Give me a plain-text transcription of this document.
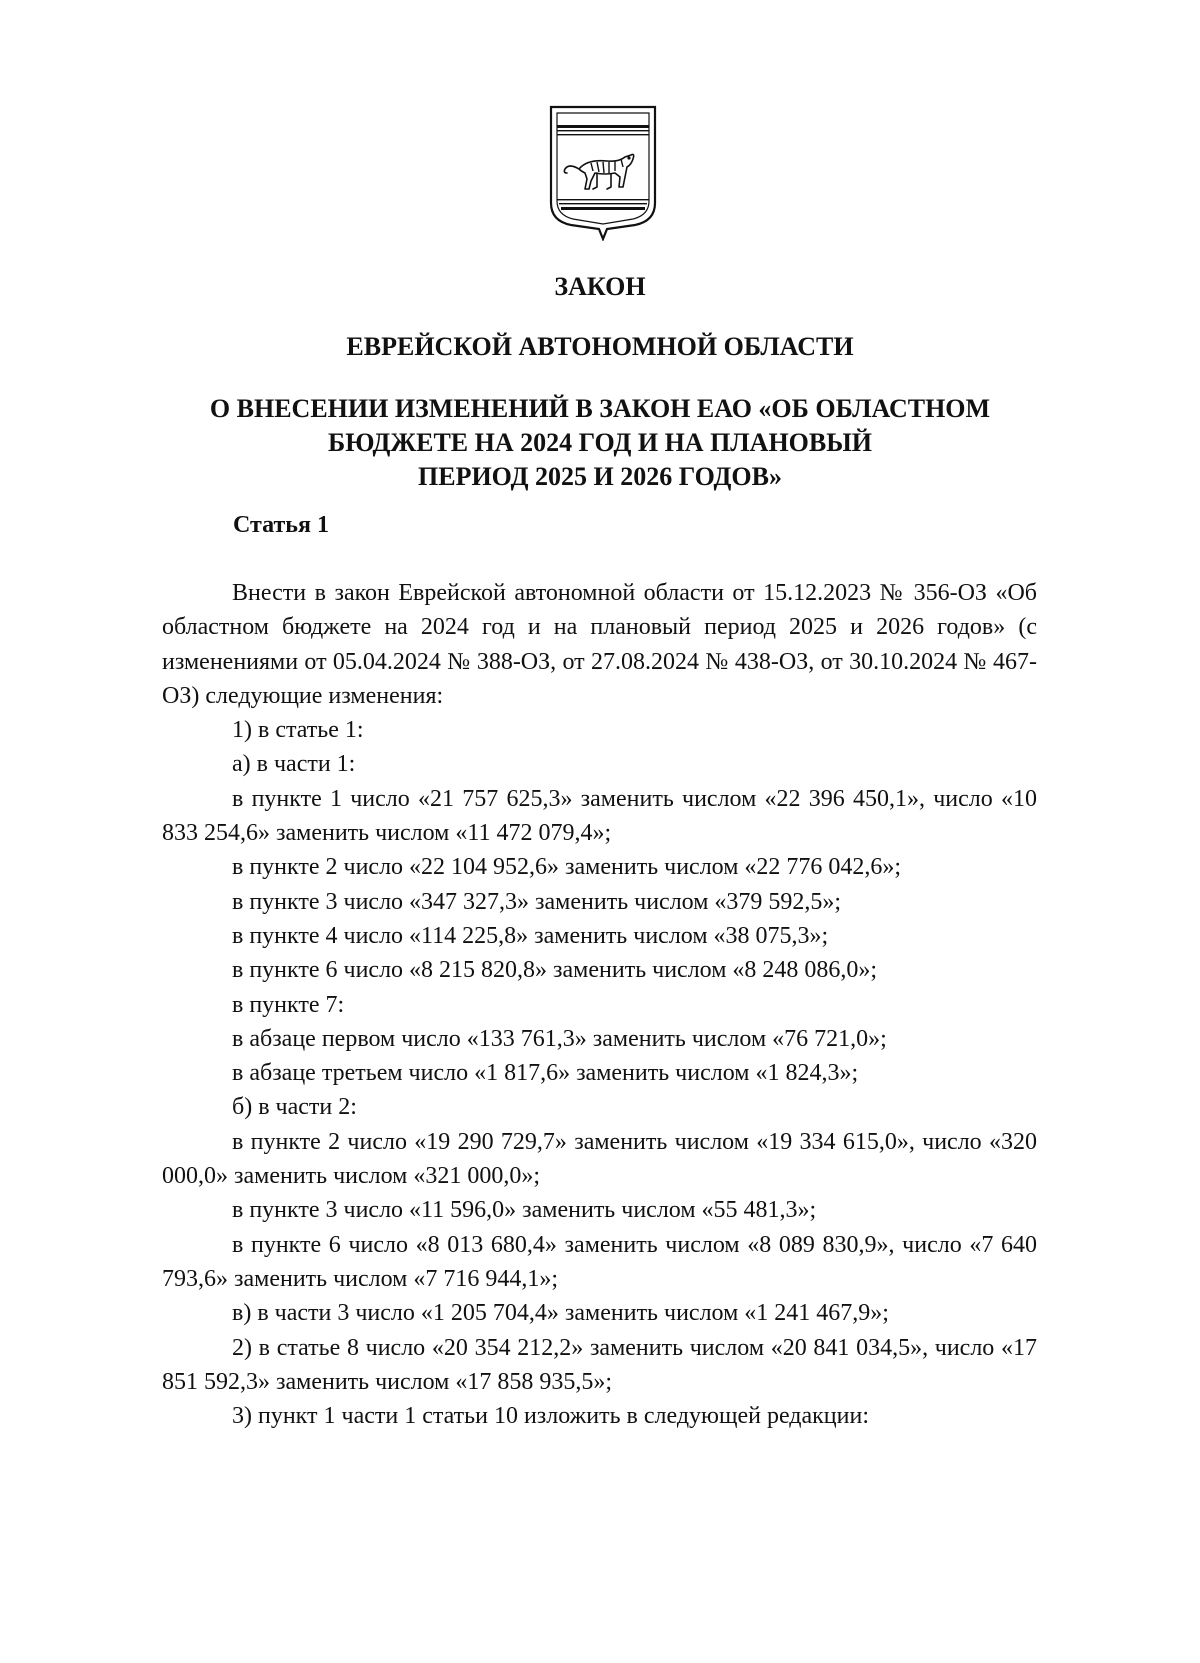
ЗАКОН
ЕВРЕЙСКОЙ АВТОНОМНОЙ ОБЛАСТИ
О ВНЕСЕНИИ ИЗМЕНЕНИЙ В ЗАКОН ЕАО «ОБ ОБЛАСТНОМ
БЮДЖЕТЕ НА 2024 ГОД И НА ПЛАНОВЫЙ
ПЕРИОД 2025 И 2026 ГОДОВ»
Статья 1

Внести в закон Еврейской автономной области от 15.12.2023 № 356-ОЗ «Об областном бюджете на 2024 год и на плановый период 2025 и 2026 годов» (с изменениями от 05.04.2024 № 388-ОЗ, от 27.08.2024 № 438-ОЗ, от 30.10.2024 № 467-ОЗ) следующие изменения:

1) в статье 1:

а) в части 1:

в пункте 1 число «21 757 625,3» заменить числом «22 396 450,1», число «10 833 254,6» заменить числом «11 472 079,4»;

в пункте 2 число «22 104 952,6» заменить числом «22 776 042,6»;

в пункте 3 число «347 327,3» заменить числом «379 592,5»;

в пункте 4 число «114 225,8» заменить числом «38 075,3»;

в пункте 6 число «8 215 820,8» заменить числом «8 248 086,0»;

в пункте 7:

в абзаце первом число «133 761,3» заменить числом «76 721,0»;

в абзаце третьем число «1 817,6» заменить числом «1 824,3»;

б) в части 2:

в пункте 2 число «19 290 729,7» заменить числом «19 334 615,0», число «320 000,0» заменить числом «321 000,0»;

в пункте 3 число «11 596,0» заменить числом «55 481,3»;

в пункте 6 число «8 013 680,4» заменить числом «8 089 830,9», число «7 640 793,6» заменить числом «7 716 944,1»;

в) в части 3 число «1 205 704,4» заменить числом «1 241 467,9»;

2) в статье 8 число «20 354 212,2» заменить числом «20 841 034,5», число «17 851 592,3» заменить числом «17 858 935,5»;

3) пункт 1 части 1 статьи 10 изложить в следующей редакции:
